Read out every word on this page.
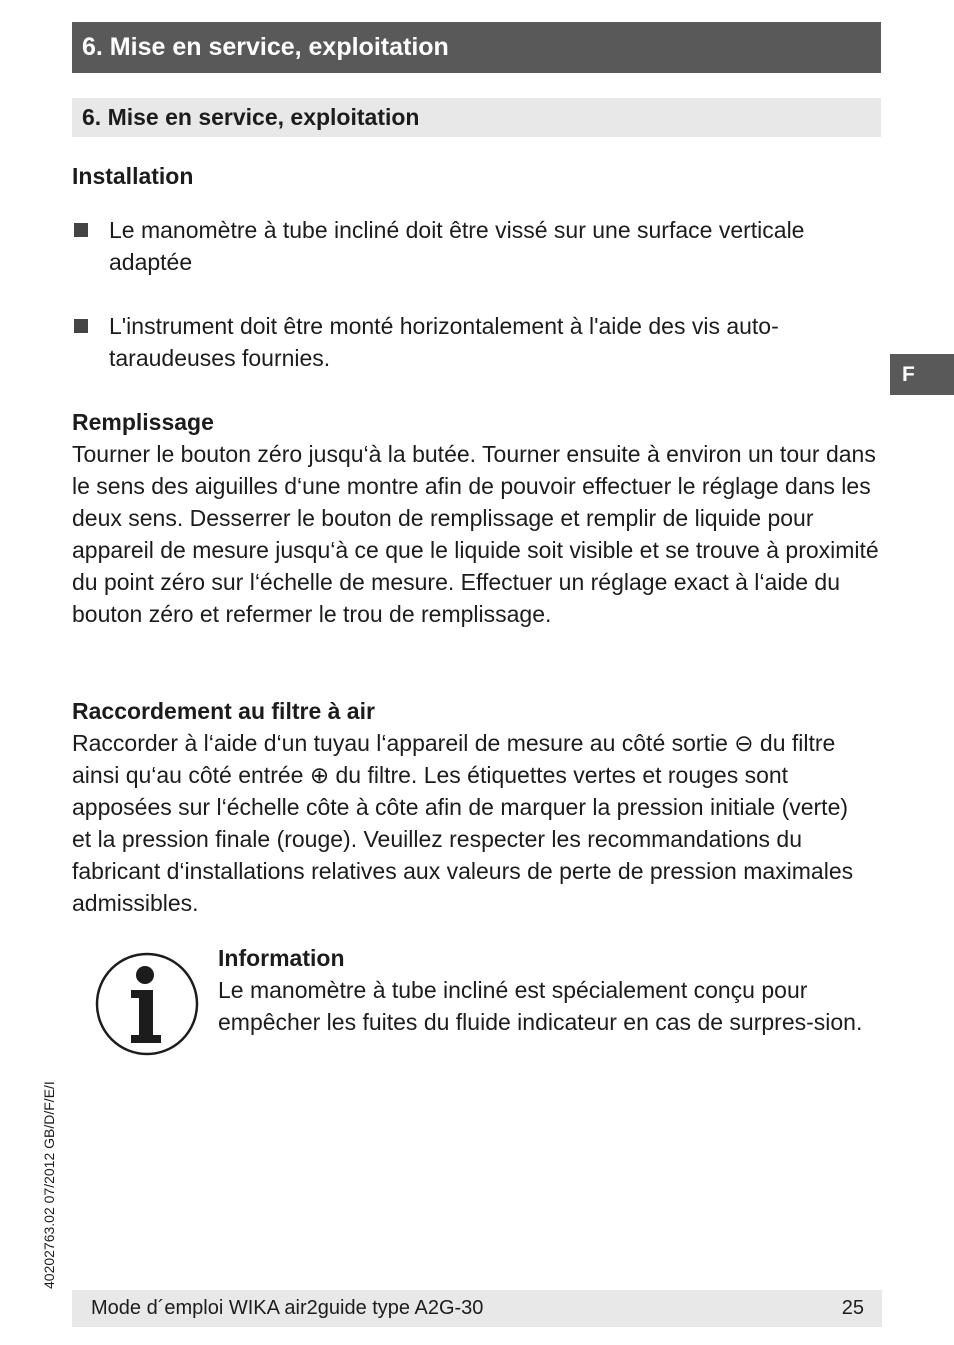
6. Mise en service, exploitation
6. Mise en service, exploitation
F
Installation
Le manomètre à tube incliné doit être vissé sur une surface verticale adaptée
L'instrument doit être monté horizontalement à l'aide des vis auto-taraudeuses fournies.
Remplissage

Tourner le bouton zéro jusqu‘à la butée. Tourner ensuite à environ un tour dans le sens des aiguilles d‘une montre afin de pouvoir effectuer le réglage dans les deux sens. Desserrer le bouton de remplissage et remplir de liquide pour appareil de mesure jusqu‘à ce que le liquide soit visible et se trouve à proximité du point zéro sur l‘échelle de mesure. Effectuer un réglage exact à l‘aide du bouton zéro et refermer le trou de remplissage.

Raccordement au filtre à air

Raccorder à l‘aide d‘un tuyau l‘appareil de mesure au côté sortie ⊖ du filtre ainsi qu‘au côté entrée ⊕ du filtre. Les étiquettes vertes et rouges sont apposées sur l‘échelle côte à côte afin de marquer la pression initiale (verte) et la pression finale (rouge). Veuillez respecter les recommandations du fabricant d‘installations relatives aux valeurs de perte de pression maximales admissibles.

Information
Le manomètre à tube incliné est spécialement conçu pour empêcher les fuites du fluide indicateur en cas de surpres-sion.
40202763.02 07/2012 GB/D/F/E/I
Mode d´emploi WIKA air2guide type A2G-30	25
